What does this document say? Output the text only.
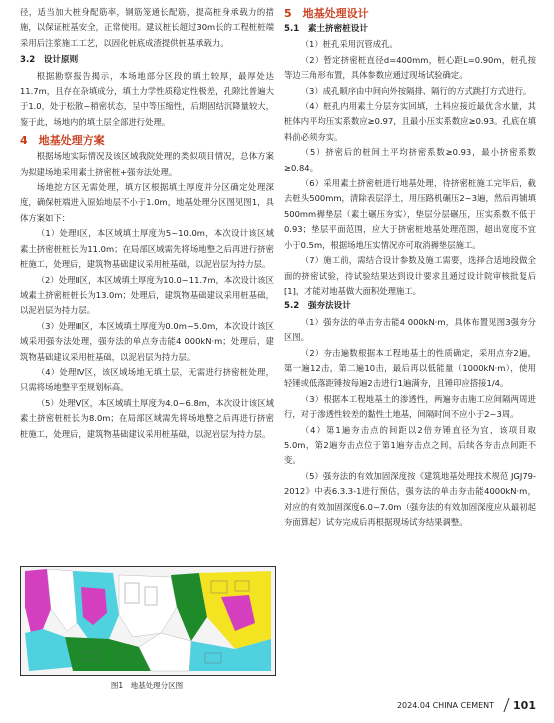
径，适当加大桩身配筋率，钢筋笼通长配筋，提高桩身承载力的措施，以保证桩基安全，正常使用。建议桩长超过30m长的工程桩桩端采用后注浆施工工艺，以固化桩底成渣提供桩基承载力。

3.2　设计原则

根据勘察报告揭示，本场地部分区段的填土较厚，最厚处达11.7m，且存在杂填成分，填土力学性质稳定性极差，孔隙比普遍大于1.0，处于松散~稍密状态，呈中等压缩性，后期固结沉降量较大，鉴于此，场地内的填土层全部进行处理。

4　地基处理方案

根据场地实际情况及该区域我院处理的类似项目情况，总体方案为拟建场地采用素土挤密桩+强夯法处理。

场地挖方区无需处理，填方区根据填土厚度并分区确定处理深度，确保桩端进入原始地层不小于1.0m，地基处理分区图见图1，具体方案如下：

（1）处理Ⅰ区，本区域填土厚度为5~10.0m，本次设计该区域素土挤密桩桩长为11.0m；在局部区域需先将场地整之后再进行挤密桩施工，处理后，建筑物基础建议采用桩基础，以泥岩层为持力层。

（2）处理Ⅱ区，本区域填土厚度为10.0~11.7m，本次设计该区域素土挤密桩桩长为13.0m；处理后，建筑物基础建议采用桩基础，以泥岩层为持力层。

（3）处理Ⅲ区，本区域填土厚度为0.0m~5.0m，本次设计该区域采用强夯法处理，强夯法的单点夯击能4 000kN·m；处理后，建筑物基础建议采用桩基础，以泥岩层为持力层。

（4）处理Ⅳ区，该区域场地无填土层，无需进行挤密桩处理，只需将场地整平至规划标高。

（5）处理Ⅴ区，本区域填土厚度为4.0~6.8m，本次设计该区域素土挤密桩桩长为8.0m；在局部区域需先将场地整之后再进行挤密桩施工，处理后，建筑物基础建议采用桩基础，以泥岩层为持力层。

图1　地基处理分区图

5　地基处理设计

5.1　素土挤密桩设计

（1）桩孔采用沉管成孔。

（2）暂定挤密桩直径d=400mm，桩心距L=0.90m，桩孔按等边三角形布置，具体参数应通过现场试验确定。

（3）成孔顺序由中间向外按隔排、隔行的方式跳打方式进行。

（4）桩孔内用素土分层夯实回填，土料应接近最优含水量，其桩体内平均压实系数应≥0.97，且最小压实系数应≥0.93。孔底在填料前必须夯实。

（5）挤密后的桩间土平均挤密系数≥0.93，最小挤密系数≥0.84。

（6）采用素土挤密桩进行地基处理，待挤密桩施工完毕后，截去桩头500mm，清除表层浮土，用压路机碾压2~3遍，然后再铺填500mm褥垫层（素土碾压夯实），垫层分层碾压，压实系数不低于0.93；垫层平面范围，应大于挤密桩地基处理范围，超出宽度不宜小于0.5m，根据场地压实情况亦可取消褥垫层施工。

（7）施工前，需结合设计参数及施工需要，选择合适地段做全面的挤密试验，待试验结果达到设计要求且通过设计院审核批复后[1]，才能对地基做大面积处理施工。

5.2　强夯法设计

（1）强夯法的单击夯击能4 000kN·m，具体布置见图3强夯分区图。

（2）夯击遍数根据本工程地基土的性质确定，采用点夯2遍，第一遍12击，第二遍10击，最后再以低能量（1000kN·m），使用轻锤或低落距锤按每遍2击进行1遍满夯，且锤印应搭接1/4。

（3）根据本工程地基土的渗透性，两遍夯击施工应间隔两周进行，对于渗透性较差的黏性土地基，间隔时间不应小于2~3周。

（4）第1遍夯击点的间距以2倍夯锤直径为宜，该项目取5.0m，第2遍夯击点位于第1遍夯击点之间，后续各夯击点间距不变。

（5）强夯法的有效加固深度按《建筑地基处理技术规范 JGJ79-2012》中表6.3.3-1进行预估，强夯法的单击夯击能4000kN·m，对应的有效加固深度6.0~7.0m（强夯法的有效加固深度应从最初起夯面算起）试夯完成后再根据现场试夯结果调整。

2024.04 CHINA CEMENT 101
